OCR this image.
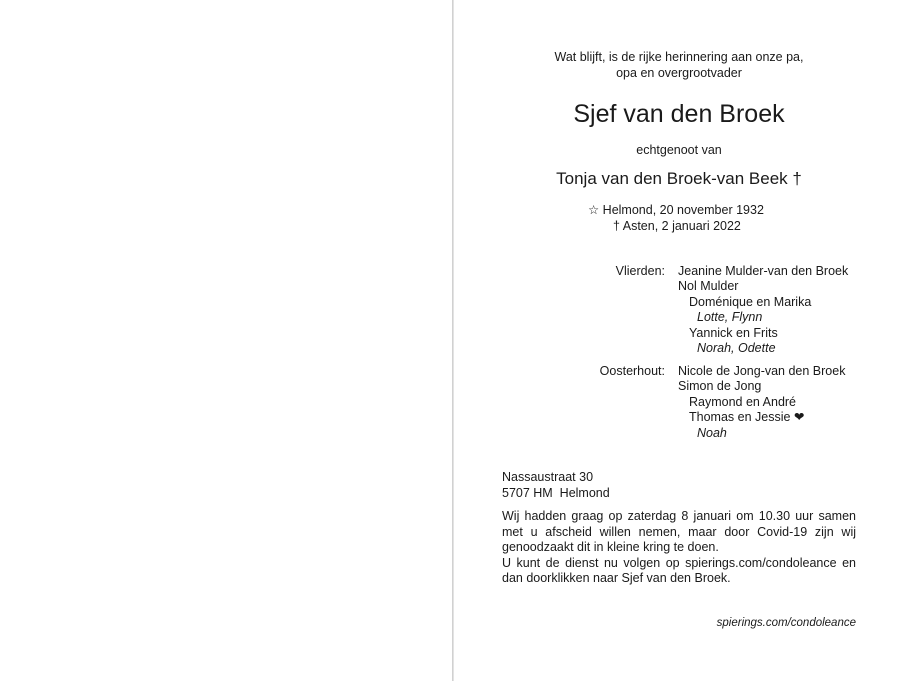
Wat blijft, is de rijke herinnering aan onze pa,
opa en overgrootvader
Sjef van den Broek
echtgenoot van
Tonja van den Broek-van Beek †
☆ Helmond, 20 november 1932
† Asten, 2 januari 2022
Vlierden: Jeanine Mulder-van den Broek
Nol Mulder
Doménique en Marika
Lotte, Flynn
Yannick en Frits
Norah, Odette
Oosterhout: Nicole de Jong-van den Broek
Simon de Jong
Raymond en André
Thomas en Jessie ❤
Noah
Nassaustraat 30
5707 HM  Helmond

Wij hadden graag op zaterdag 8 januari om 10.30 uur samen met u afscheid willen nemen, maar door Covid-19 zijn wij genoodzaakt dit in kleine kring te doen.

U kunt de dienst nu volgen op spierings.com/condoleance en dan doorklikken naar Sjef van den Broek.

spierings.com/condoleance
